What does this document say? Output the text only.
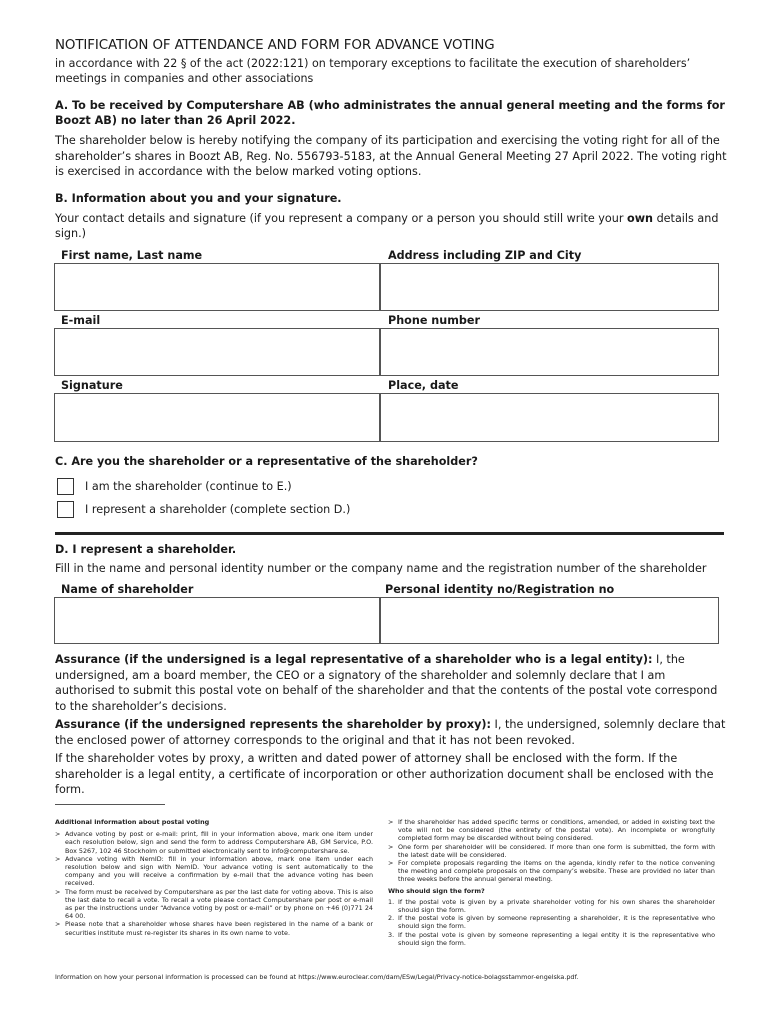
NOTIFICATION OF ATTENDANCE AND FORM FOR ADVANCE VOTING
in accordance with 22 § of the act (2022:121) on temporary exceptions to facilitate the execution of shareholders’ meetings in companies and other associations
A. To be received by Computershare AB (who administrates the annual general meeting and the forms for Boozt AB) no later than 26 April 2022.
The shareholder below is hereby notifying the company of its participation and exercising the voting right for all of the shareholder’s shares in Boozt AB, Reg. No. 556793-5183, at the Annual General Meeting 27 April 2022. The voting right is exercised in accordance with the below marked voting options.
B. Information about you and your signature.
Your contact details and signature (if you represent a company or a person you should still write your own details and sign.)
First name, Last name	Address including ZIP and City
E-mail	Phone number
Signature	Place, date
C. Are you the shareholder or a representative of the shareholder?
I am the shareholder (continue to E.)
I represent a shareholder (complete section D.)
D. I represent a shareholder.
Fill in the name and personal identity number or the company name and the registration number of the shareholder
Name of shareholder	Personal identity no/Registration no
Assurance (if the undersigned is a legal representative of a shareholder who is a legal entity): I, the undersigned, am a board member, the CEO or a signatory of the shareholder and solemnly declare that I am authorised to submit this postal vote on behalf of the shareholder and that the contents of the postal vote correspond to the shareholder’s decisions.
Assurance (if the undersigned represents the shareholder by proxy): I, the undersigned, solemnly declare that the enclosed power of attorney corresponds to the original and that it has not been revoked.
If the shareholder votes by proxy, a written and dated power of attorney shall be enclosed with the form. If the shareholder is a legal entity, a certificate of incorporation or other authorization document shall be enclosed with the form.
Additional information about postal voting
> Advance voting by post or e-mail: print, fill in your information above, mark one item under each resolution below, sign and send the form to address Computershare AB, GM Service, P.O. Box 5267, 102 46 Stockholm or submitted electronically sent to info@computershare.se.
> Advance voting with NemID: fill in your information above, mark one item under each resolution below and sign with NemID. Your advance voting is sent automatically to the company and you will receive a confirmation by e-mail that the advance voting has been received.
> The form must be received by Computershare as per the last date for voting above. This is also the last date to recall a vote. To recall a vote please contact Computershare per post or e-mail as per the instructions under “Advance voting by post or e-mail” or by phone on +46 (0)771 24 64 00.
> Please note that a shareholder whose shares have been registered in the name of a bank or securities institute must re-register its shares in its own name to vote.
> If the shareholder has added specific terms or conditions, amended, or added in existing text the vote will not be considered (the entirety of the postal vote). An incomplete or wrongfully completed form may be discarded without being considered.
> One form per shareholder will be considered. If more than one form is submitted, the form with the latest date will be considered.
> For complete proposals regarding the items on the agenda, kindly refer to the notice convening the meeting and complete proposals on the company’s website. These are provided no later than three weeks before the annual general meeting.
Who should sign the form?
1. If the postal vote is given by a private shareholder voting for his own shares the shareholder should sign the form.
2. If the postal vote is given by someone representing a shareholder, it is the representative who should sign the form.
3. If the postal vote is given by someone representing a legal entity it is the representative who should sign the form.
Information on how your personal information is processed can be found at https://www.euroclear.com/dam/ESw/Legal/Privacy-notice-bolagsstammor-engelska.pdf.
